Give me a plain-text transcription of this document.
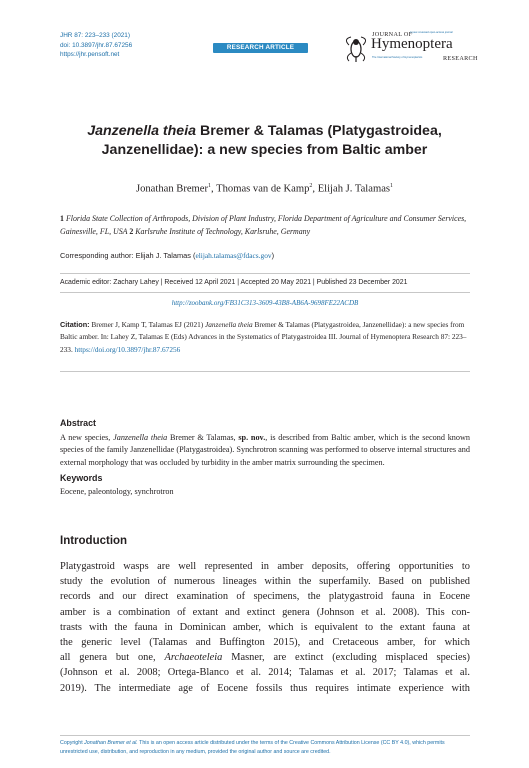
JHR 87: 223–233 (2021)
doi: 10.3897/jhr.87.67256
https://jhr.pensoft.net
RESEARCH ARTICLE
JOURNAL OF
Hymenoptera
RESEARCH
A peer-reviewed open-access journal
The International Society of Hymenopterists
Janzenella theia Bremer & Talamas (Platygastroidea,
Janzenellidae): a new species from Baltic amber
Jonathan Bremer$^1$, Thomas van de Kamp$^2$, Elijah J. Talamas$^1$
1 Florida State Collection of Arthropods, Division of Plant Industry, Florida Department of Agriculture and Consumer Services, Gainesville, FL, USA 2 Karlsruhe Institute of Technology, Karlsruhe, Germany
Corresponding author: Elijah J. Talamas (elijah.talamas@fdacs.gov)
Academic editor: Zachary Lahey | Received 12 April 2021 | Accepted 20 May 2021 | Published 23 December 2021
http://zoobank.org/FB31C313-3609-43B8-AB6A-9698FE22ACDB
Citation: Bremer J, Kamp T, Talamas EJ (2021) Janzenella theia Bremer & Talamas (Platygastroidea, Janzenellidae): a new species from Baltic amber. In: Lahey Z, Talamas E (Eds) Advances in the Systematics of Platygastroidea III. Journal of Hymenoptera Research 87: 223–233. https://doi.org/10.3897/jhr.87.67256
Abstract
A new species, Janzenella theia Bremer & Talamas, sp. nov., is described from Baltic amber, which is the second known species of the family Janzenellidae (Platygastroidea). Synchrotron scanning was performed to observe internal structures and external morphology that was occluded by turbidity in the amber matrix surrounding the specimen.
Keywords
Eocene, paleontology, synchrotron
Introduction
Platygastroid wasps are well represented in amber deposits, offering opportunities to
study the evolution of numerous lineages within the superfamily. Based on published
records and our direct examination of specimens, the platygastroid fauna in Eocene
amber is a combination of extant and extinct genera (Johnson et al. 2008). This con-
trasts with the fauna in Dominican amber, which is equivalent to the extant fauna at
the generic level (Talamas and Buffington 2015), and Cretaceous amber, for which
all genera but one, Archaeoteleia Masner, are extinct (excluding misplaced species)
(Johnson et al. 2008; Ortega-Blanco et al. 2014; Talamas et al. 2017; Talamas et al.
2019). The intermediate age of Eocene fossils thus requires intimate experience with
Copyright Jonathan Bremer et al. This is an open access article distributed under the terms of the Creative Commons Attribution License (CC BY 4.0), which permits unrestricted use, distribution, and reproduction in any medium, provided the original author and source are credited.
